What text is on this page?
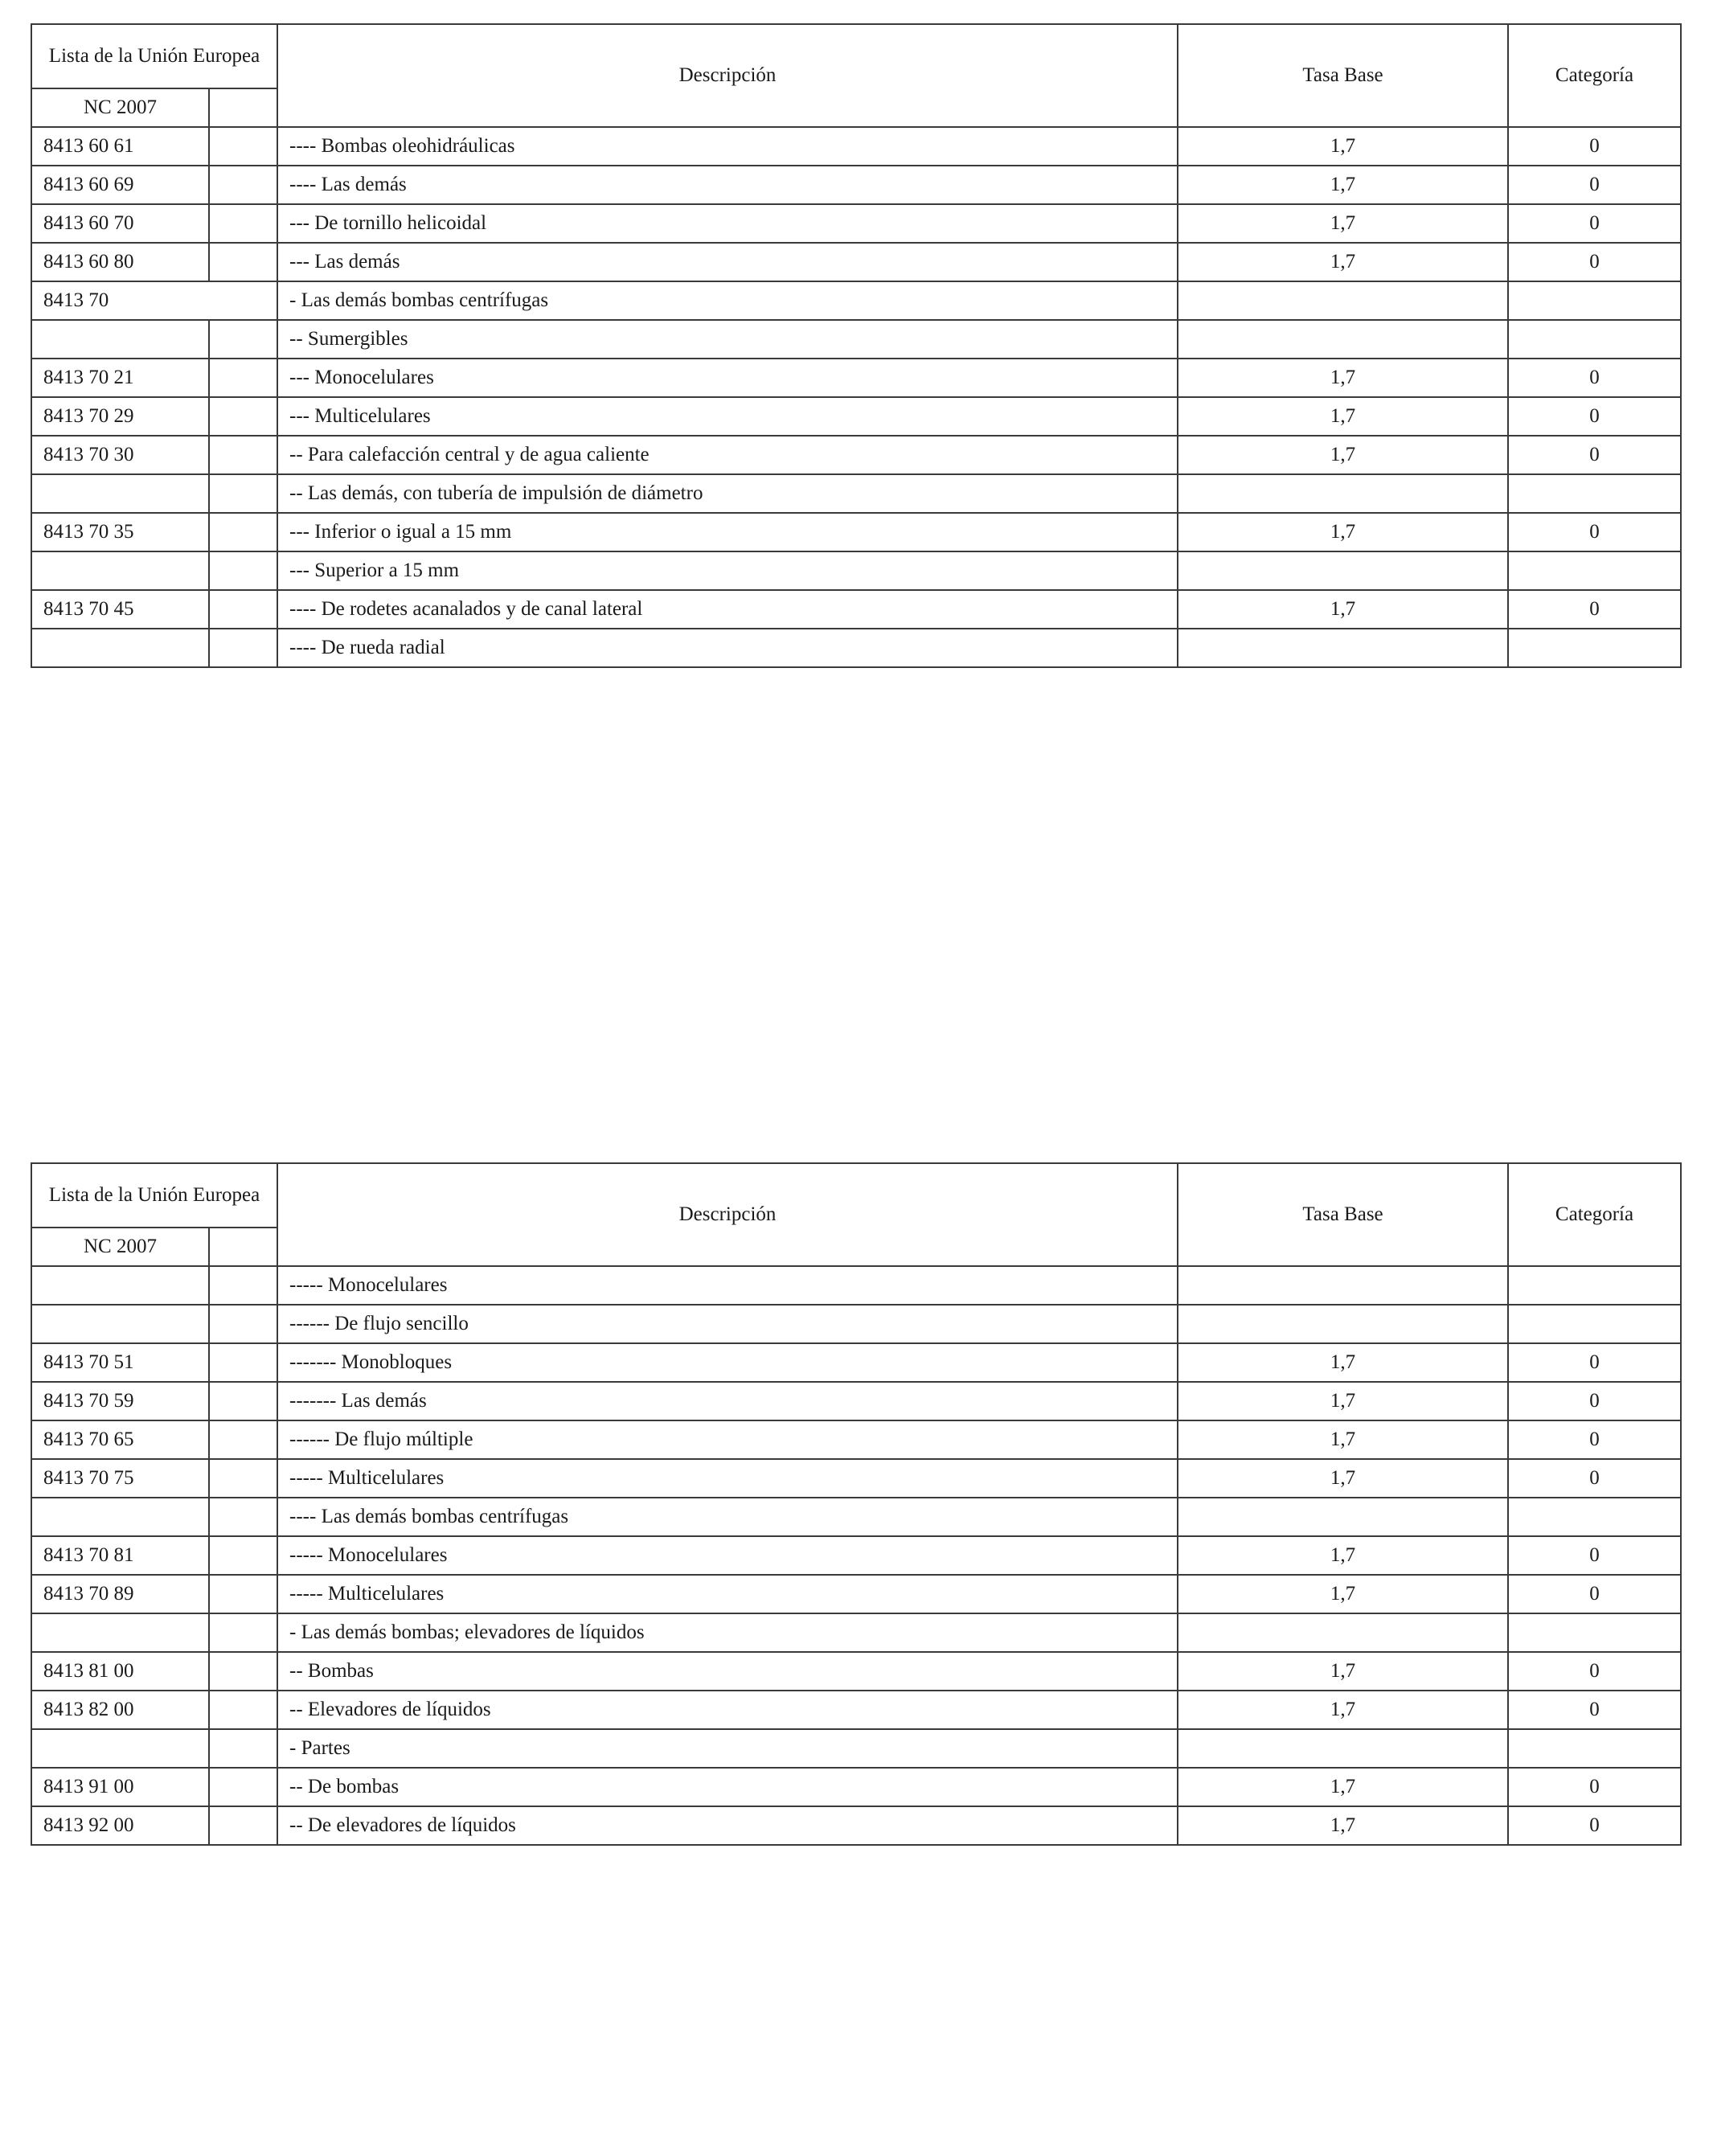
Lista de la Unión Europea		Descripción	Tasa Base	Categoría
NC 2007				
8413 60 61		---- Bombas oleohidráulicas	1,7	0
8413 60 69		---- Las demás	1,7	0
8413 60 70		--- De tornillo helicoidal	1,7	0
8413 60 80		--- Las demás	1,7	0
8413 70		- Las demás bombas centrífugas		
		-- Sumergibles		
8413 70 21		--- Monocelulares	1,7	0
8413 70 29		--- Multicelulares	1,7	0
8413 70 30		-- Para calefacción central y de agua caliente	1,7	0
		-- Las demás, con tubería de impulsión de diámetro		
8413 70 35		--- Inferior o igual a 15 mm	1,7	0
		--- Superior a 15 mm		
8413 70 45		---- De rodetes acanalados y de canal lateral	1,7	0
		---- De rueda radial		
Lista de la Unión Europea		Descripción	Tasa Base	Categoría
NC 2007				
		----- Monocelulares		
		------ De flujo sencillo		
8413 70 51		------- Monobloques	1,7	0
8413 70 59		------- Las demás	1,7	0
8413 70 65		------ De flujo múltiple	1,7	0
8413 70 75		----- Multicelulares	1,7	0
		---- Las demás bombas centrífugas		
8413 70 81		----- Monocelulares	1,7	0
8413 70 89		----- Multicelulares	1,7	0
		- Las demás bombas; elevadores de líquidos		
8413 81 00		-- Bombas	1,7	0
8413 82 00		-- Elevadores de líquidos	1,7	0
		- Partes		
8413 91 00		-- De bombas	1,7	0
8413 92 00		-- De elevadores de líquidos	1,7	0
